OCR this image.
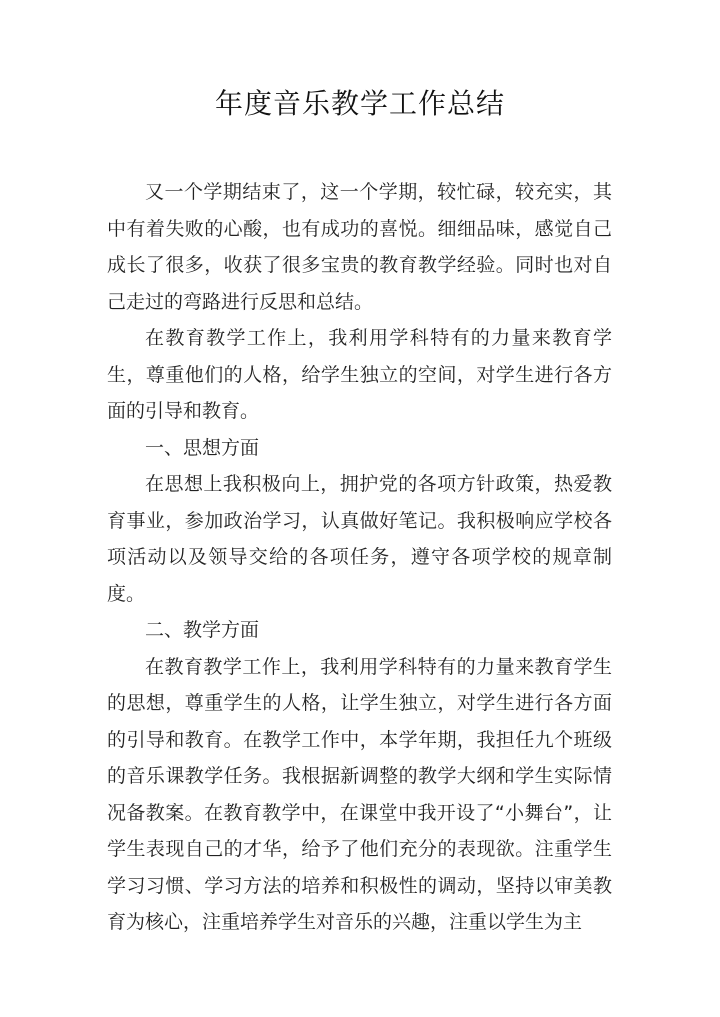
年度音乐教学工作总结

又一个学期结束了，这一个学期，较忙碌，较充实，其中有着失败的心酸，也有成功的喜悦。细细品味，感觉自己成长了很多，收获了很多宝贵的教育教学经验。同时也对自己走过的弯路进行反思和总结。

在教育教学工作上，我利用学科特有的力量来教育学生，尊重他们的人格，给学生独立的空间，对学生进行各方面的引导和教育。

一、思想方面

在思想上我积极向上，拥护党的各项方针政策，热爱教育事业，参加政治学习，认真做好笔记。我积极响应学校各项活动以及领导交给的各项任务，遵守各项学校的规章制度。

二、教学方面

在教育教学工作上，我利用学科特有的力量来教育学生的思想，尊重学生的人格，让学生独立，对学生进行各方面的引导和教育。在教学工作中，本学年期，我担任九个班级的音乐课教学任务。我根据新调整的教学大纲和学生实际情况备教案。在教育教学中，在课堂中我开设了“小舞台”，让学生表现自己的才华，给予了他们充分的表现欲。注重学生学习习惯、学习方法的培养和积极性的调动，坚持以审美教育为核心，注重培养学生对音乐的兴趣，注重以学生为主
